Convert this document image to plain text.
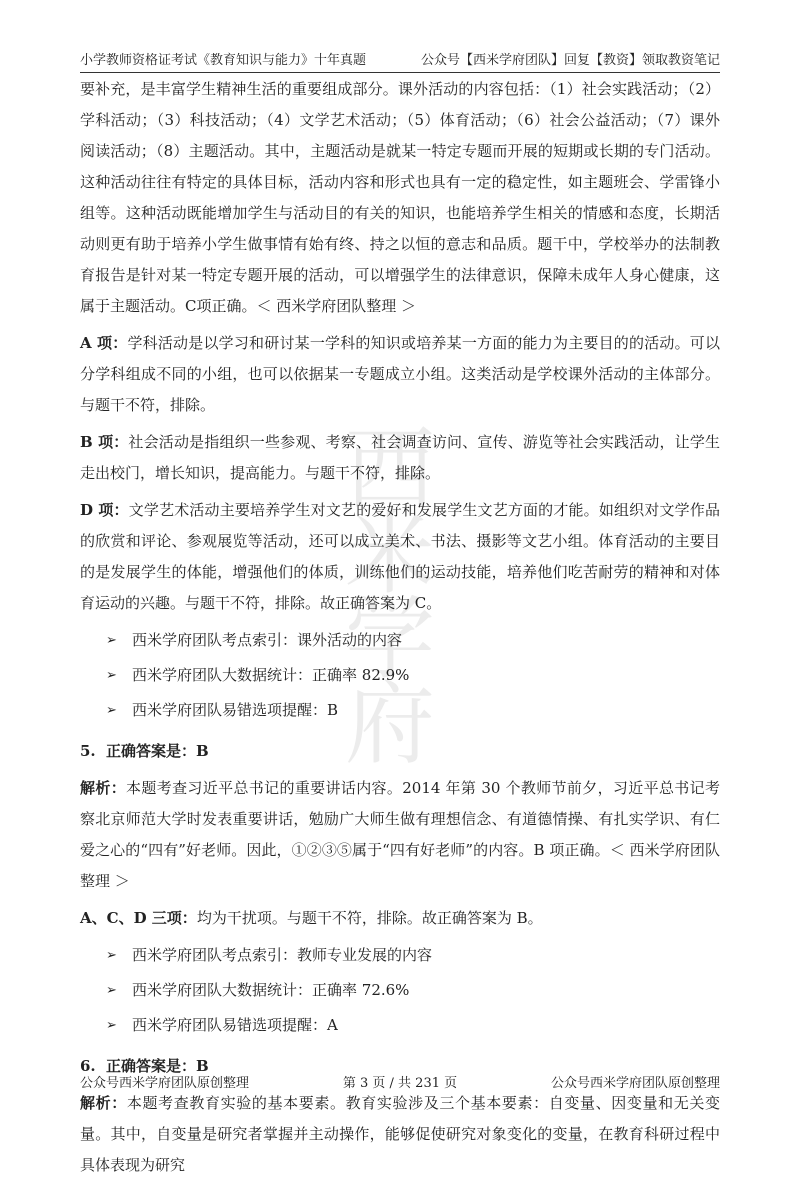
小学教师资格证考试《教育知识与能力》十年真题	公众号【西米学府团队】回复【教资】领取教资笔记
西
米
学
府

要补充，是丰富学生精神生活的重要组成部分。课外活动的内容包括：（1）社会实践活动；（2）学科活动；（3）科技活动；（4）文学艺术活动；（5）体育活动；（6）社会公益活动；（7）课外阅读活动；（8）主题活动。其中，主题活动是就某一特定专题而开展的短期或长期的专门活动。这种活动往往有特定的具体目标，活动内容和形式也具有一定的稳定性，如主题班会、学雷锋小组等。这种活动既能增加学生与活动目的有关的知识，也能培养学生相关的情感和态度，长期活动则更有助于培养小学生做事情有始有终、持之以恒的意志和品质。题干中，学校举办的法制教育报告是针对某一特定专题开展的活动，可以增强学生的法律意识，保障未成年人身心健康，这属于主题活动。C项正确。＜ 西米学府团队整理 ＞

A 项：学科活动是以学习和研讨某一学科的知识或培养某一方面的能力为主要目的的活动。可以分学科组成不同的小组，也可以依据某一专题成立小组。这类活动是学校课外活动的主体部分。与题干不符，排除。

B 项：社会活动是指组织一些参观、考察、社会调查访问、宣传、游览等社会实践活动，让学生走出校门，增长知识，提高能力。与题干不符，排除。

D 项：文学艺术活动主要培养学生对文艺的爱好和发展学生文艺方面的才能。如组织对文学作品的欣赏和评论、参观展览等活动，还可以成立美术、书法、摄影等文艺小组。体育活动的主要目的是发展学生的体能，增强他们的体质，训练他们的运动技能，培养他们吃苦耐劳的精神和对体育运动的兴趣。与题干不符，排除。故正确答案为 C。

➢	西米学府团队考点索引：课外活动的内容
➢	西米学府团队大数据统计：正确率 82.9%
➢	西米学府团队易错选项提醒：B
5. 正确答案是：B

解析：本题考查习近平总书记的重要讲话内容。2014 年第 30 个教师节前夕，习近平总书记考察北京师范大学时发表重要讲话，勉励广大师生做有理想信念、有道德情操、有扎实学识、有仁爱之心的“四有”好老师。因此，①②③⑤属于“四有好老师”的内容。B 项正确。＜ 西米学府团队整理 ＞

A、C、D 三项：均为干扰项。与题干不符，排除。故正确答案为 B。

➢	西米学府团队考点索引：教师专业发展的内容
➢	西米学府团队大数据统计：正确率 72.6%
➢	西米学府团队易错选项提醒：A
6. 正确答案是：B

解析：本题考查教育实验的基本要素。教育实验涉及三个基本要素：自变量、因变量和无关变量。其中，自变量是研究者掌握并主动操作，能够促使研究对象变化的变量，在教育科研过程中具体表现为研究

公众号西米学府团队原创整理	第 3 页 / 共 231 页	公众号西米学府团队原创整理
